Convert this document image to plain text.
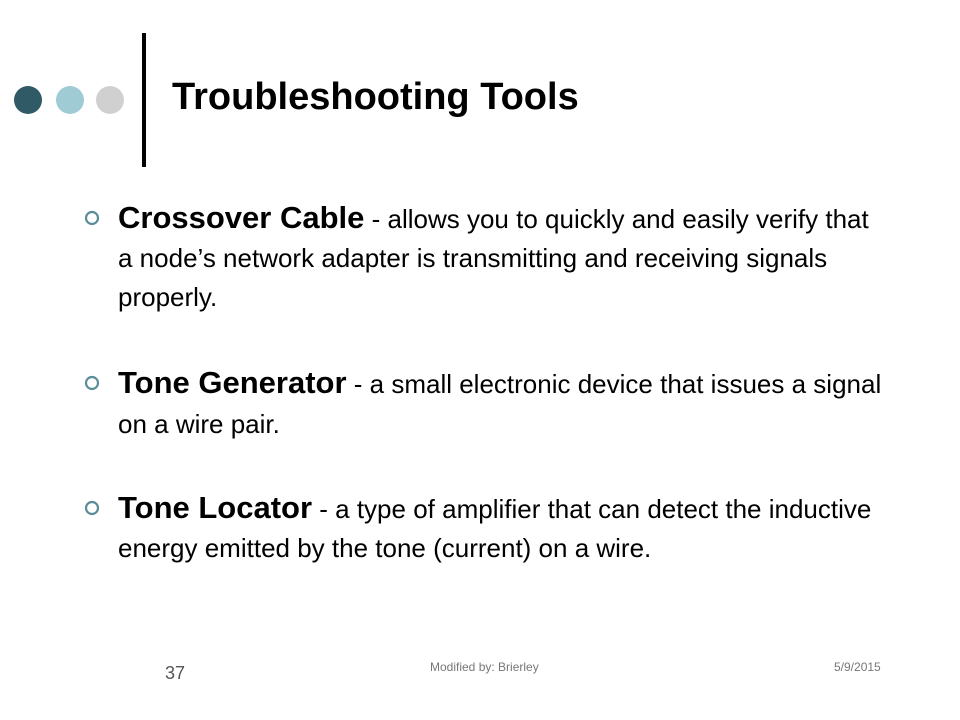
Troubleshooting Tools
Crossover Cable - allows you to quickly and easily verify that a node’s network adapter is transmitting and receiving signals properly.
Tone Generator - a small electronic device that issues a signal on a wire pair.
Tone Locator - a type of amplifier that can detect the inductive energy emitted by the tone (current) on a wire.
37	Modified by: Brierley	5/9/2015
